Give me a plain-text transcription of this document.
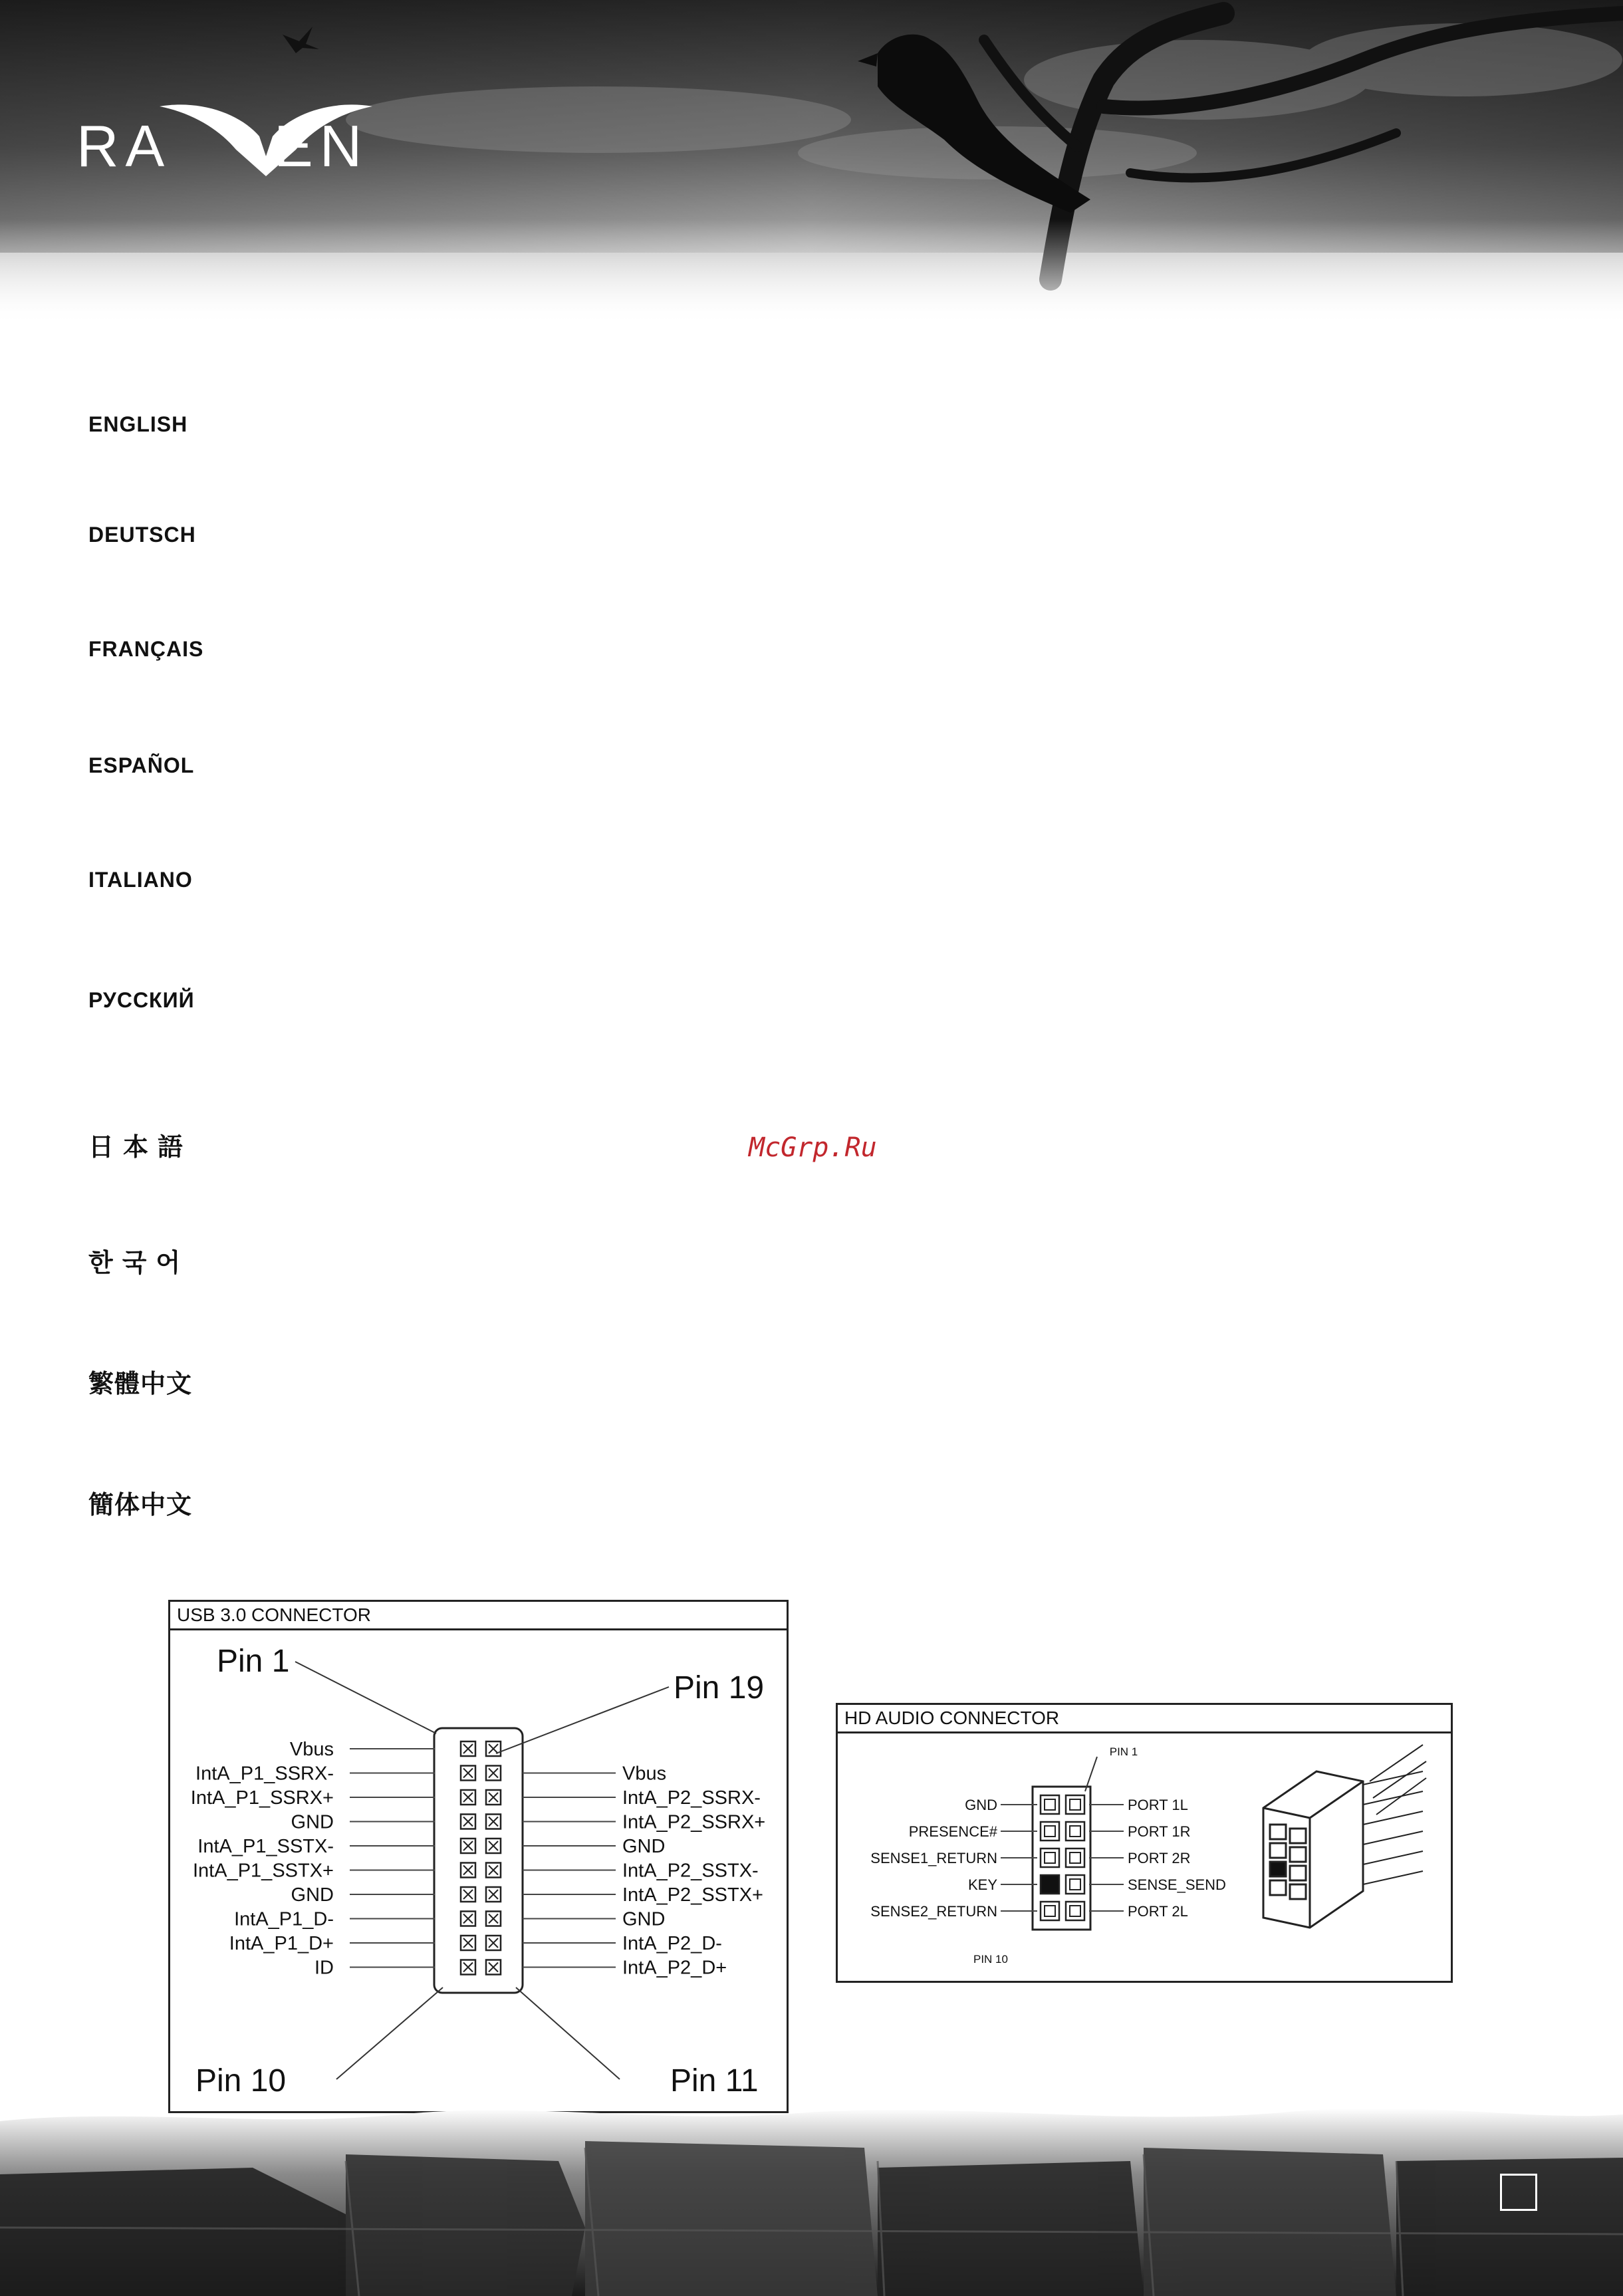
RA EN
ENGLISH
DEUTSCH
FRANÇAIS
ESPAÑOL
ITALIANO
РУССКИЙ
日本語
한국어
繁體中文
簡体中文
McGrp.Ru
USB 3.0 CONNECTOR
Pin 1
Pin 19
Pin 10	Pin 11
Vbus
IntA_P1_SSRX-
IntA_P1_SSRX+
GND
IntA_P1_SSTX-
IntA_P1_SSTX+
GND
IntA_P1_D-
IntA_P1_D+
ID
Vbus
IntA_P2_SSRX-
IntA_P2_SSRX+
GND
IntA_P2_SSTX-
IntA_P2_SSTX+
GND
IntA_P2_D-
IntA_P2_D+
HD AUDIO CONNECTOR
PIN 1
PIN 10
GND
PRESENCE#
SENSE1_RETURN
KEY
SENSE2_RETURN
PORT 1L
PORT 1R
PORT 2R
SENSE_SEND
PORT 2L
